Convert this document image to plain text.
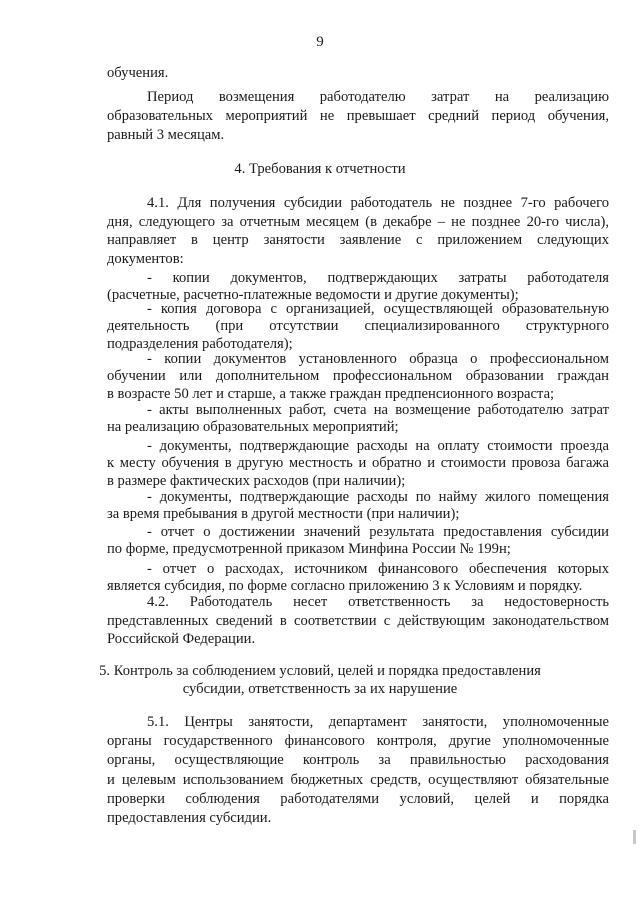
9
обучения.
Период возмещения работодателю затрат на реализацию
образовательных мероприятий не превышает средний период обучения,
равный 3 месяцам.
4. Требования к отчетности
4.1. Для получения субсидии работодатель не позднее 7-го рабочего
дня, следующего за отчетным месяцем (в декабре – не позднее 20-го числа),
направляет в центр занятости заявление с приложением следующих
документов:
- копии документов, подтверждающих затраты работодателя
(расчетные, расчетно-платежные ведомости и другие документы);
- копия договора с организацией, осуществляющей образовательную
деятельность (при отсутствии специализированного структурного
подразделения работодателя);
- копии документов установленного образца о профессиональном
обучении или дополнительном профессиональном образовании граждан
в возрасте 50 лет и старше, а также граждан предпенсионного возраста;
- акты выполненных работ, счета на возмещение работодателю затрат
на реализацию образовательных мероприятий;
- документы, подтверждающие расходы на оплату стоимости проезда
к месту обучения в другую местность и обратно и стоимости провоза багажа
в размере фактических расходов (при наличии);
- документы, подтверждающие расходы по найму жилого помещения
за время пребывания в другой местности (при наличии);
- отчет о достижении значений результата предоставления субсидии
по форме, предусмотренной приказом Минфина России № 199н;
- отчет о расходах, источником финансового обеспечения которых
является субсидия, по форме согласно приложению 3 к Условиям и порядку.
4.2. Работодатель несет ответственность за недостоверность
представленных сведений в соответствии с действующим законодательством
Российской Федерации.
5. Контроль за соблюдением условий, целей и порядка предоставления
субсидии, ответственность за их нарушение
5.1. Центры занятости, департамент занятости, уполномоченные
органы государственного финансового контроля, другие уполномоченные
органы, осуществляющие контроль за правильностью расходования
и целевым использованием бюджетных средств, осуществляют обязательные
проверки соблюдения работодателями условий, целей и порядка
предоставления субсидии.
